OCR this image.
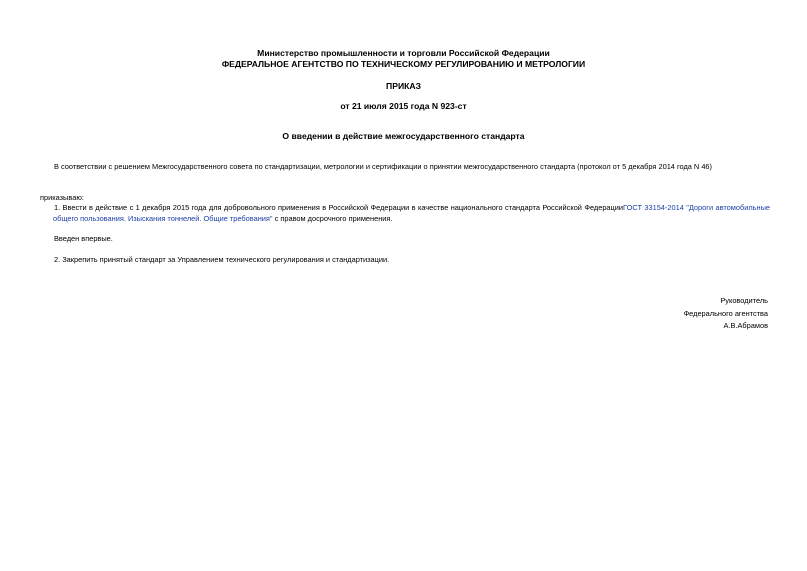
Министерство промышленности и торговли Российской Федерации
ФЕДЕРАЛЬНОЕ АГЕНТСТВО ПО ТЕХНИЧЕСКОМУ РЕГУЛИРОВАНИЮ И МЕТРОЛОГИИ
ПРИКАЗ
от 21 июля 2015 года N 923-ст
О введении в действие межгосударственного стандарта
В соответствии с решением Межгосударственного совета по стандартизации, метрологии и сертификации о принятии межгосударственного стандарта (протокол от 5 декабря 2014 года N 46)
приказываю:
1. Ввести в действие с 1 декабря 2015 года для добровольного применения в Российской Федерации в качестве национального стандарта Российской ФедерацииГОСТ 33154-2014 "Дороги автомобильные
общего пользования. Изыскания тоннелей. Общие требования" с правом досрочного применения.
Введен впервые.
2. Закрепить принятый стандарт за Управлением технического регулирования и стандартизации.
Руководитель
Федерального агентства
А.В.Абрамов
